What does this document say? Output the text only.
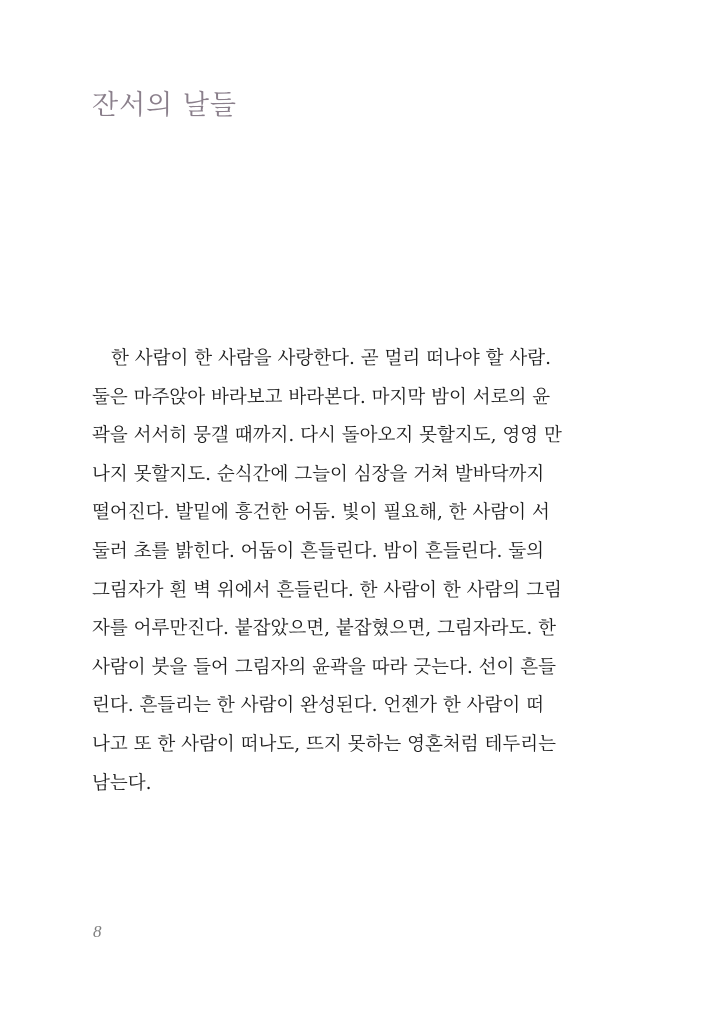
잔서의 날들
한 사람이 한 사람을 사랑한다. 곧 멀리 떠나야 할 사람.
둘은 마주앉아 바라보고 바라본다. 마지막 밤이 서로의 윤
곽을 서서히 뭉갤 때까지. 다시 돌아오지 못할지도, 영영 만
나지 못할지도. 순식간에 그늘이 심장을 거쳐 발바닥까지
떨어진다. 발밑에 흥건한 어둠. 빛이 필요해, 한 사람이 서
둘러 초를 밝힌다. 어둠이 흔들린다. 밤이 흔들린다. 둘의
그림자가 흰 벽 위에서 흔들린다. 한 사람이 한 사람의 그림
자를 어루만진다. 붙잡았으면, 붙잡혔으면, 그림자라도. 한
사람이 붓을 들어 그림자의 윤곽을 따라 긋는다. 선이 흔들
린다. 흔들리는 한 사람이 완성된다. 언젠가 한 사람이 떠
나고 또 한 사람이 떠나도, 뜨지 못하는 영혼처럼 테두리는
남는다.
8
